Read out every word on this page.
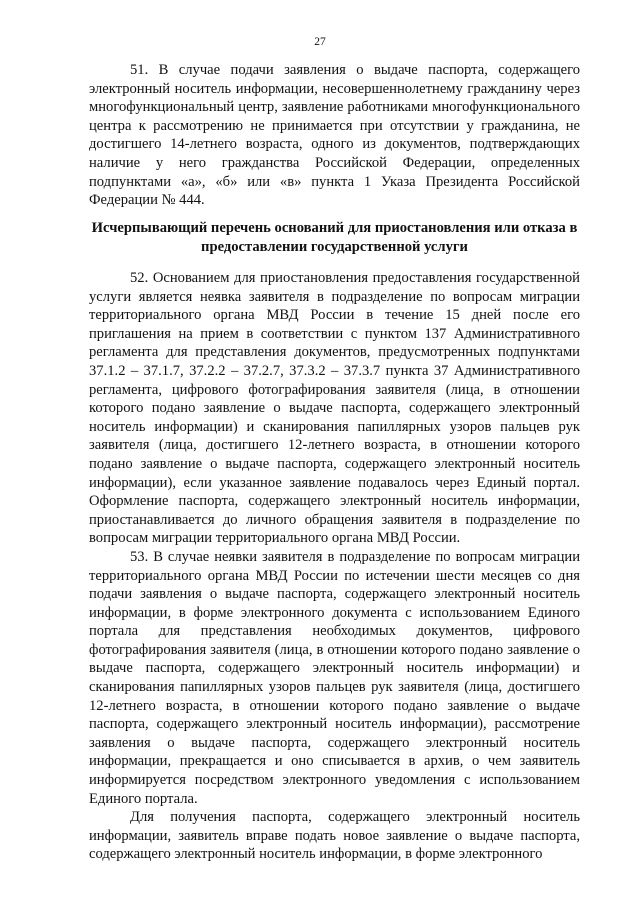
27

51. В случае подачи заявления о выдаче паспорта, содержащего электронный носитель информации, несовершеннолетнему гражданину через многофункциональный центр, заявление работниками многофункционального центра к рассмотрению не принимается при отсутствии у гражданина, не достигшего 14-летнего возраста, одного из документов, подтверждающих наличие у него гражданства Российской Федерации, определенных подпунктами «а», «б» или «в» пункта 1 Указа Президента Российской Федерации № 444.

Исчерпывающий перечень оснований для приостановления или отказа в предоставлении государственной услуги

52. Основанием для приостановления предоставления государственной услуги является неявка заявителя в подразделение по вопросам миграции территориального органа МВД России в течение 15 дней после его приглашения на прием в соответствии с пунктом 137 Административного регламента для представления документов, предусмотренных подпунктами 37.1.2 – 37.1.7, 37.2.2 – 37.2.7, 37.3.2 – 37.3.7 пункта 37 Административного регламента, цифрового фотографирования заявителя (лица, в отношении которого подано заявление о выдаче паспорта, содержащего электронный носитель информации) и сканирования папиллярных узоров пальцев рук заявителя (лица, достигшего 12-летнего возраста, в отношении которого подано заявление о выдаче паспорта, содержащего электронный носитель информации), если указанное заявление подавалось через Единый портал. Оформление паспорта, содержащего электронный носитель информации, приостанавливается до личного обращения заявителя в подразделение по вопросам миграции территориального органа МВД России.

53. В случае неявки заявителя в подразделение по вопросам миграции территориального органа МВД России по истечении шести месяцев со дня подачи заявления о выдаче паспорта, содержащего электронный носитель информации, в форме электронного документа с использованием Единого портала для представления необходимых документов, цифрового фотографирования заявителя (лица, в отношении которого подано заявление о выдаче паспорта, содержащего электронный носитель информации) и сканирования папиллярных узоров пальцев рук заявителя (лица, достигшего 12-летнего возраста, в отношении которого подано заявление о выдаче паспорта, содержащего электронный носитель информации), рассмотрение заявления о выдаче паспорта, содержащего электронный носитель информации, прекращается и оно списывается в архив, о чем заявитель информируется посредством электронного уведомления с использованием Единого портала.

Для получения паспорта, содержащего электронный носитель информации, заявитель вправе подать новое заявление о выдаче паспорта, содержащего электронный носитель информации, в форме электронного
